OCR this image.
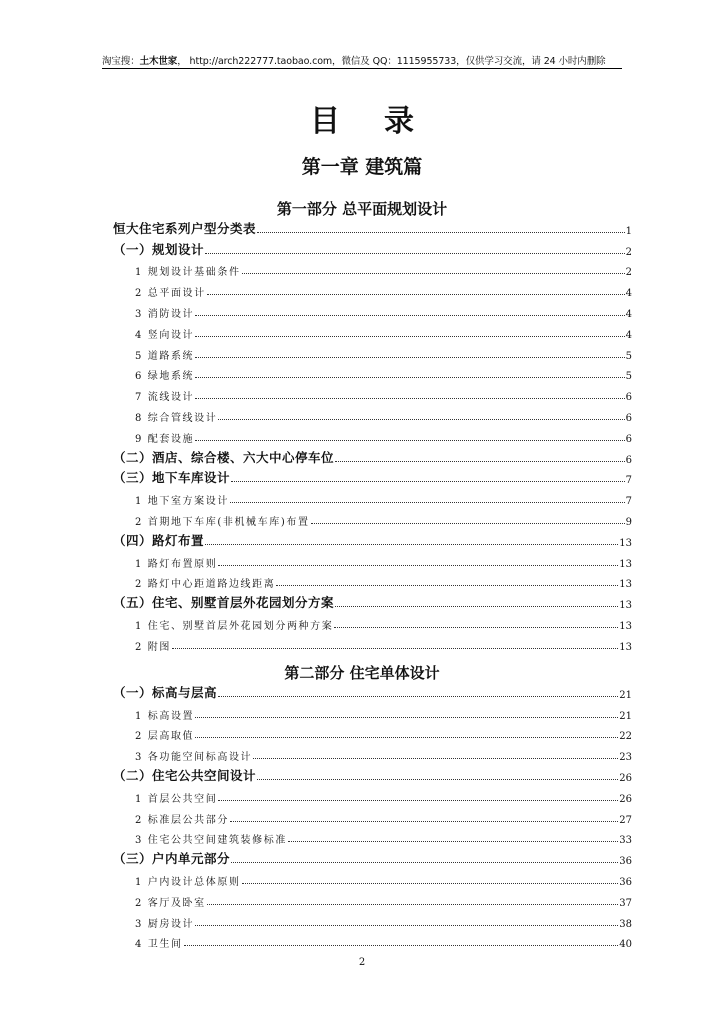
淘宝搜：土木世家， http://arch222777.taobao.com，微信及 QQ：1115955733，仅供学习交流，请 24 小时内删除
目录
第一章 建筑篇
第一部分 总平面规划设计
恒大住宅系列户型分类表	1
（一）规划设计	2
1 规划设计基础条件	2
2 总平面设计	4
3 消防设计	4
4 竖向设计	4
5 道路系统	5
6 绿地系统	5
7 流线设计	6
8 综合管线设计	6
9 配套设施	6
（二）酒店、综合楼、六大中心停车位	6
（三）地下车库设计	7
1 地下室方案设计	7
2 首期地下车库(非机械车库)布置	9
（四）路灯布置	13
1 路灯布置原则	13
2 路灯中心距道路边线距离	13
（五）住宅、别墅首层外花园划分方案	13
1 住宅、别墅首层外花园划分两种方案	13
2 附图	13
第二部分 住宅单体设计
（一）标高与层高	21
1 标高设置	21
2 层高取值	22
3 各功能空间标高设计	23
（二）住宅公共空间设计	26
1 首层公共空间	26
2 标准层公共部分	27
3 住宅公共空间建筑装修标准	33
（三）户内单元部分	36
1 户内设计总体原则	36
2 客厅及卧室	37
3 厨房设计	38
4 卫生间	40
2
